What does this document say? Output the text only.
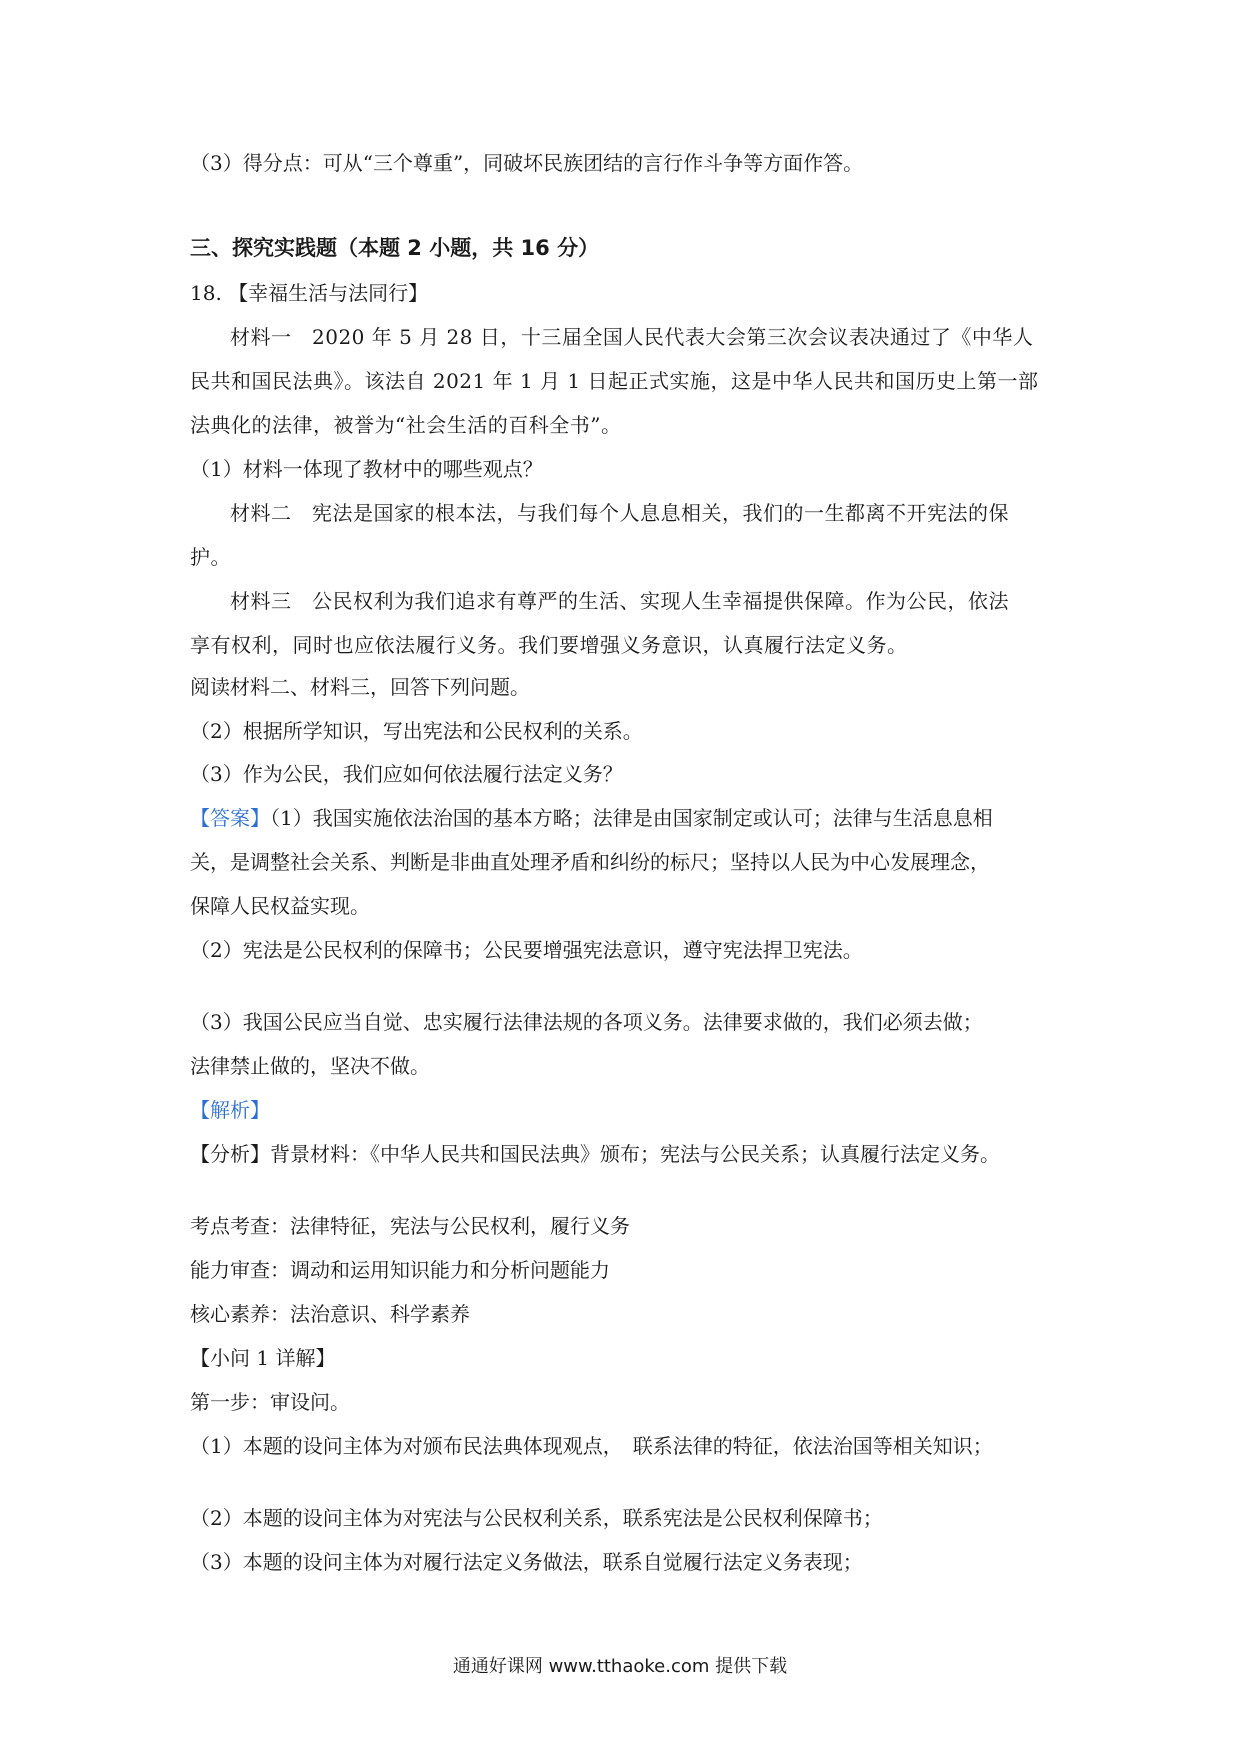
（3）得分点：可从“三个尊重”，同破坏民族团结的言行作斗争等方面作答。
三、探究实践题（本题 2 小题，共 16 分）
18. 【幸福生活与法同行】
材料一　2020 年 5 月 28 日，十三届全国人民代表大会第三次会议表决通过了《中华人
民共和国民法典》。该法自 2021 年 1 月 1 日起正式实施，这是中华人民共和国历史上第一部
法典化的法律，被誉为“社会生活的百科全书”。
（1）材料一体现了教材中的哪些观点？
材料二　宪法是国家的根本法，与我们每个人息息相关，我们的一生都离不开宪法的保
护。
材料三　公民权利为我们追求有尊严的生活、实现人生幸福提供保障。作为公民，依法
享有权利，同时也应依法履行义务。我们要增强义务意识，认真履行法定义务。
阅读材料二、材料三，回答下列问题。
（2）根据所学知识，写出宪法和公民权利的关系。
（3）作为公民，我们应如何依法履行法定义务？
【答案】（1）我国实施依法治国的基本方略；法律是由国家制定或认可；法律与生活息息相
关，是调整社会关系、判断是非曲直处理矛盾和纠纷的标尺；坚持以人民为中心发展理念，
保障人民权益实现。
（2）宪法是公民权利的保障书；公民要增强宪法意识，遵守宪法捍卫宪法。
（3）我国公民应当自觉、忠实履行法律法规的各项义务。法律要求做的，我们必须去做；
法律禁止做的，坚决不做。
【解析】
【分析】背景材料：《中华人民共和国民法典》颁布；宪法与公民关系；认真履行法定义务。
考点考查：法律特征，宪法与公民权利，履行义务
能力审查：调动和运用知识能力和分析问题能力
核心素养：法治意识、科学素养
【小问 1 详解】
第一步：审设问。
（1）本题的设问主体为对颁布民法典体现观点，　联系法律的特征，依法治国等相关知识；
（2）本题的设问主体为对宪法与公民权利关系，联系宪法是公民权利保障书；
（3）本题的设问主体为对履行法定义务做法，联系自觉履行法定义务表现；
通通好课网 www.tthaoke.com 提供下载
